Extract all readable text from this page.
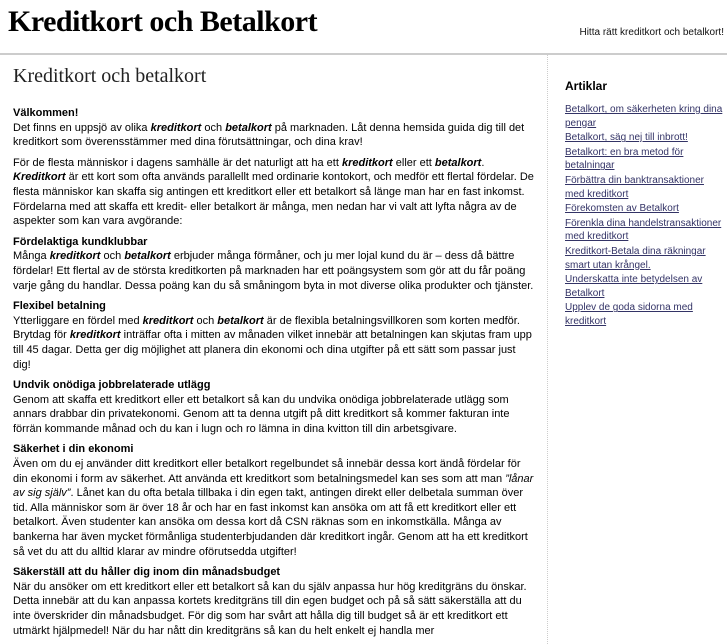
Kreditkort och Betalkort	Hitta rätt kreditkort och betalkort!
Kreditkort och betalkort

Välkommen!
Det finns en uppsjö av olika kreditkort och betalkort på marknaden. Låt denna hemsida guida dig till det kreditkort som överensstämmer med dina förutsättningar, och dina krav!

För de flesta människor i dagens samhälle är det naturligt att ha ett kreditkort eller ett betalkort. Kreditkort är ett kort som ofta används parallellt med ordinarie kontokort, och medför ett flertal fördelar. De flesta människor kan skaffa sig antingen ett kreditkort eller ett betalkort så länge man har en fast inkomst. Fördelarna med att skaffa ett kredit- eller betalkort är många, men nedan har vi valt att lyfta några av de aspekter som kan vara avgörande:

Fördelaktiga kundklubbar
Många kreditkort och betalkort erbjuder många förmåner, och ju mer lojal kund du är – dess då bättre fördelar! Ett flertal av de största kreditkorten på marknaden har ett poängsystem som gör att du får poäng varje gång du handlar. Dessa poäng kan du så småningom byta in mot diverse olika produkter och tjänster.

Flexibel betalning
Ytterliggare en fördel med kreditkort och betalkort är de flexibla betalningsvillkoren som korten medför. Brytdag för kreditkort inträffar ofta i mitten av månaden vilket innebär att betalningen kan skjutas fram upp till 45 dagar. Detta ger dig möjlighet att planera din ekonomi och dina utgifter på ett sätt som passar just dig!

Undvik onödiga jobbrelaterade utlägg
Genom att skaffa ett kreditkort eller ett betalkort så kan du undvika onödiga jobbrelaterade utlägg som annars drabbar din privatekonomi. Genom att ta denna utgift på ditt kreditkort så kommer fakturan inte förrän kommande månad och du kan i lugn och ro lämna in dina kvitton till din arbetsgivare.

Säkerhet i din ekonomi
Även om du ej använder ditt kreditkort eller betalkort regelbundet så innebär dessa kort ändå fördelar för din ekonomi i form av säkerhet. Att använda ett kreditkort som betalningsmedel kan ses som att man ”lånar av sig själv”. Lånet kan du ofta betala tillbaka i din egen takt, antingen direkt eller delbetala summan över tid. Alla människor som är över 18 år och har en fast inkomst kan ansöka om att få ett kreditkort eller ett betalkort. Även studenter kan ansöka om dessa kort då CSN räknas som en inkomstkälla. Många av bankerna har även mycket förmånliga studenterbjudanden där kreditkort ingår. Genom att ha ett kreditkort så vet du att du alltid klarar av mindre oförutsedda utgifter!

Säkerställ att du håller dig inom din månadsbudget
När du ansöker om ett kreditkort eller ett betalkort så kan du själv anpassa hur hög kreditgräns du önskar. Detta innebär att du kan anpassa kortets kreditgräns till din egen budget och på så sätt säkerställa att du inte överskrider din månadsbudget. För dig som har svårt att hålla dig till budget så är ett kreditkort ett utmärkt hjälpmedel! När du har nått din kreditgräns så kan du helt enkelt ej handla mer

Artiklar
Betalkort, om säkerheten kring dina pengar
Betalkort, säg nej till inbrott!
Betalkort: en bra metod för betalningar
Förbättra din banktransaktioner med kreditkort
Förekomsten av Betalkort
Förenkla dina handelstransaktioner med kreditkort
Kreditkort-Betala dina räkningar smart utan krångel.
Underskatta inte betydelsen av Betalkort
Upplev de goda sidorna med kreditkort
